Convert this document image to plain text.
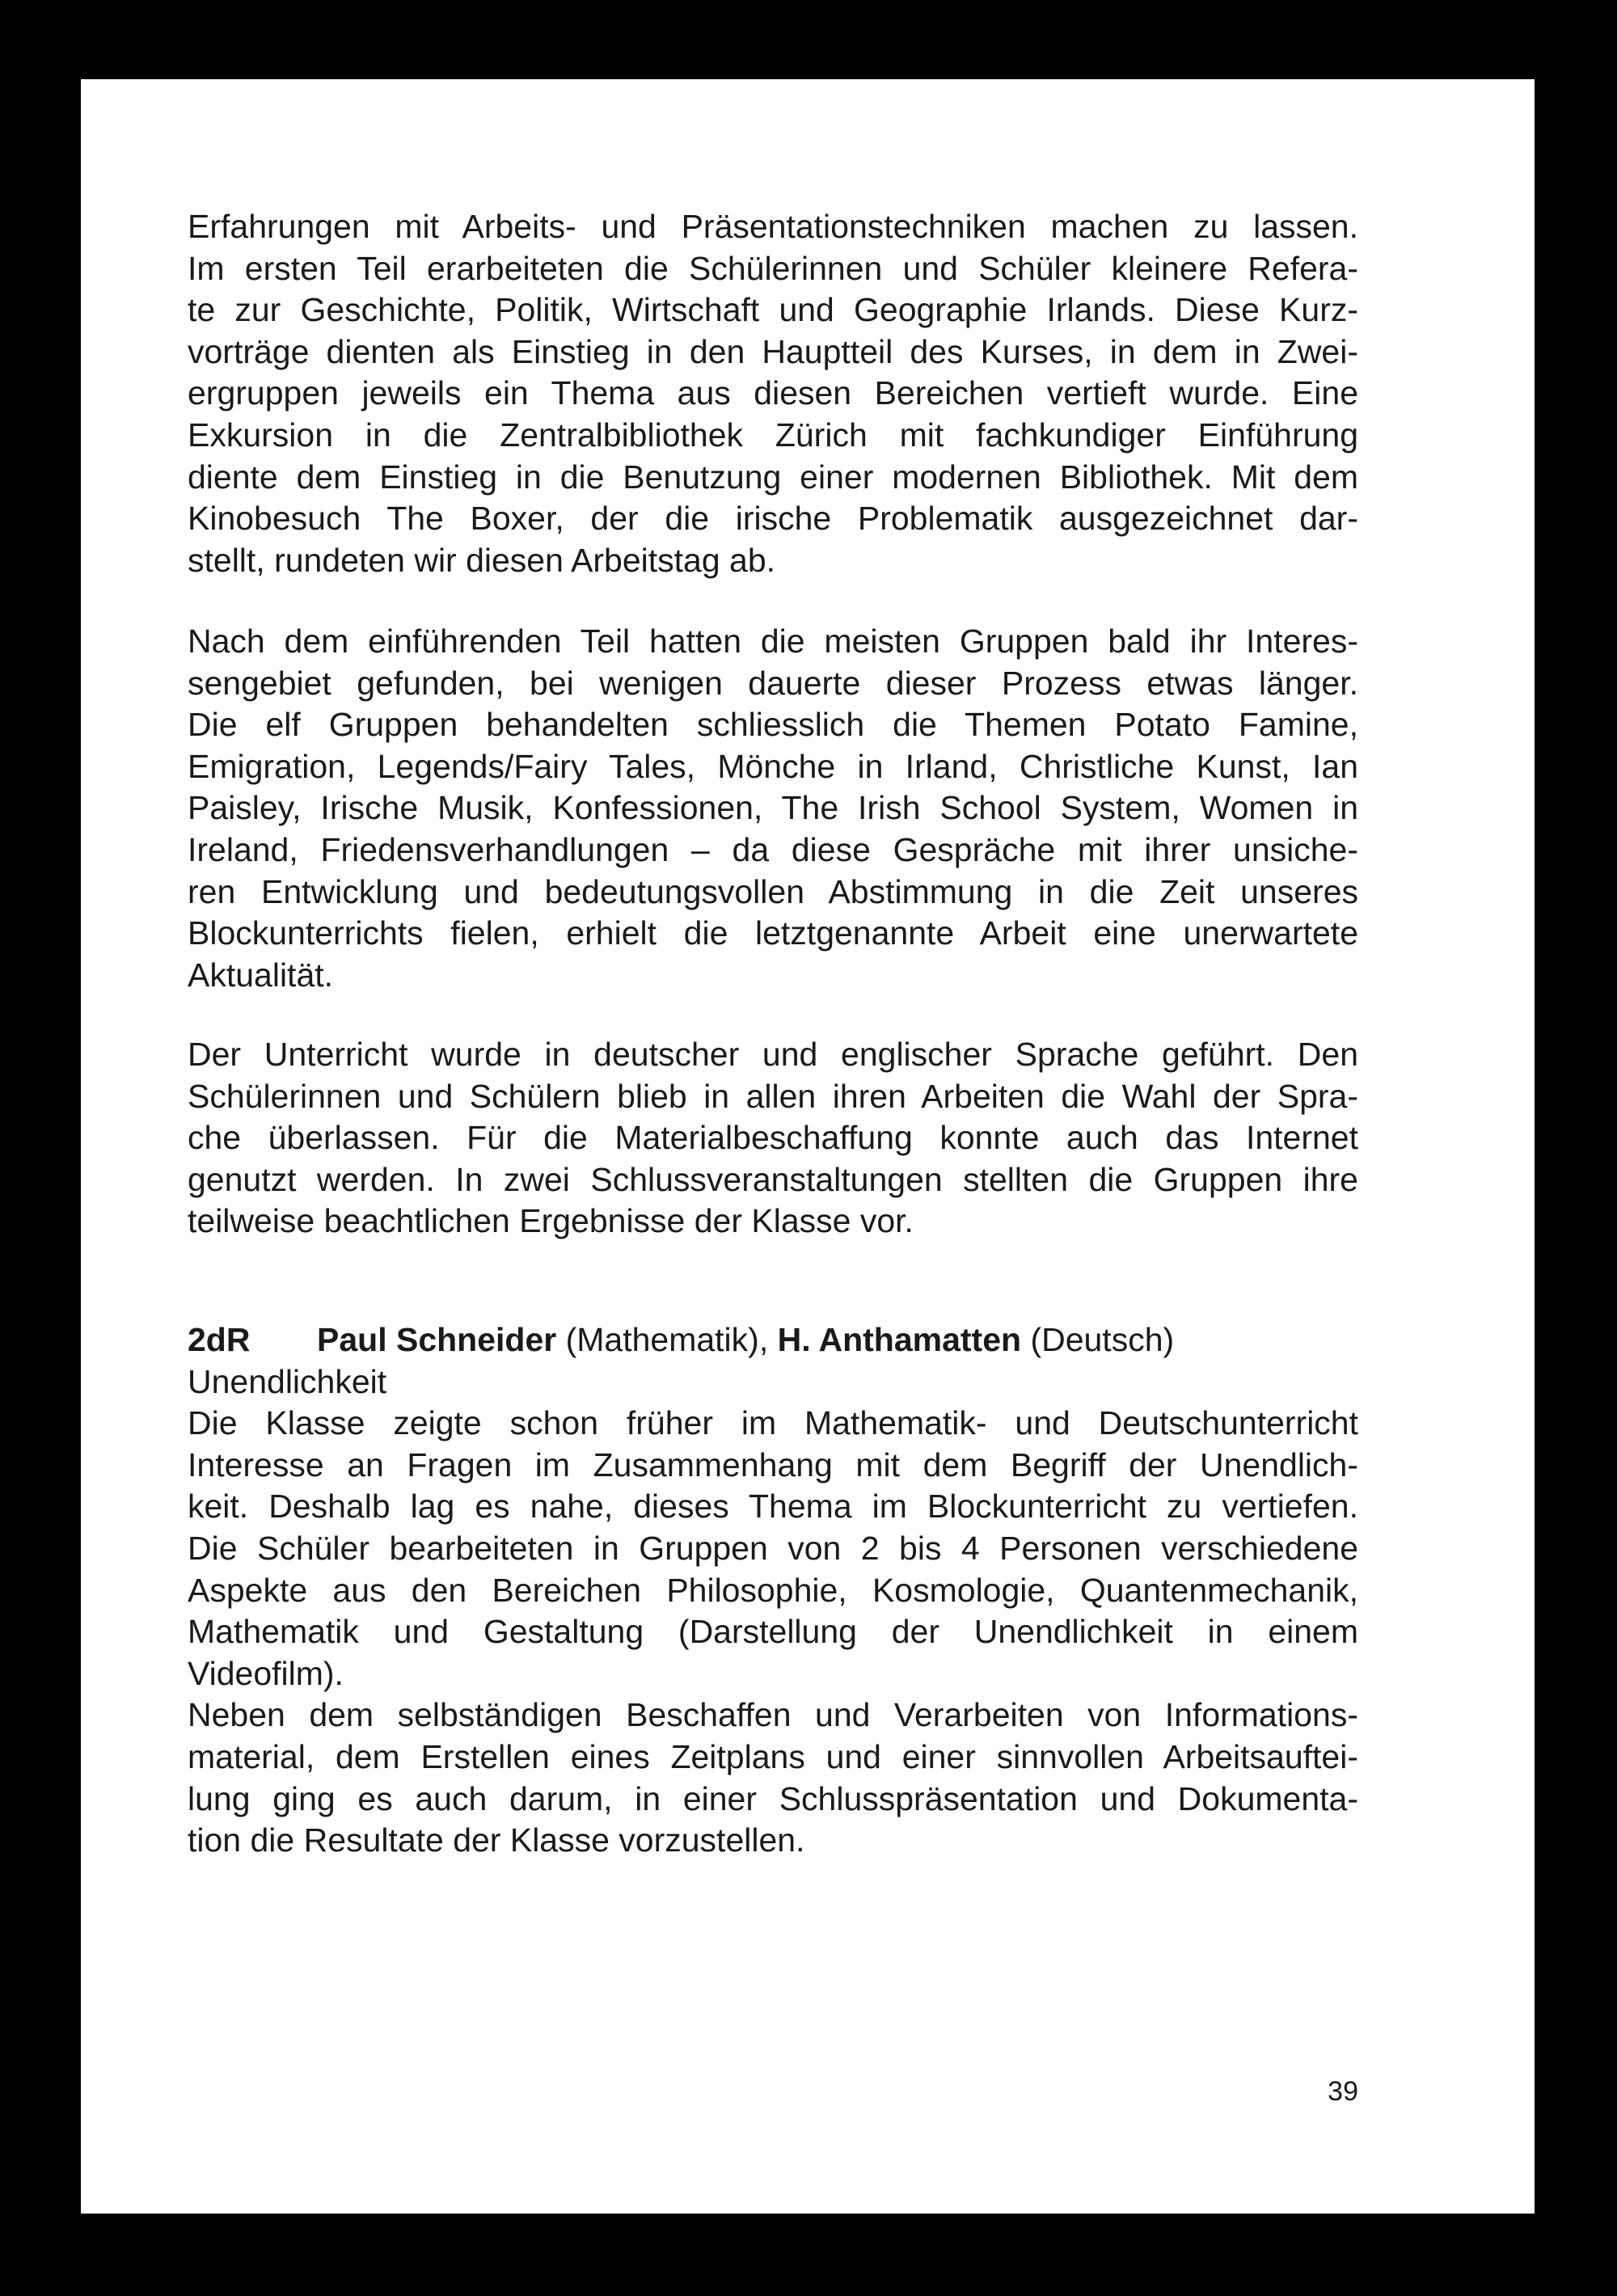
Erfahrungen mit Arbeits- und Präsentationstechniken machen zu lassen.
Im ersten Teil erarbeiteten die Schülerinnen und Schüler kleinere Refera-
te zur Geschichte, Politik, Wirtschaft und Geographie Irlands. Diese Kurz-
vorträge dienten als Einstieg in den Hauptteil des Kurses, in dem in Zwei-
ergruppen jeweils ein Thema aus diesen Bereichen vertieft wurde. Eine
Exkursion in die Zentralbibliothek Zürich mit fachkundiger Einführung
diente dem Einstieg in die Benutzung einer modernen Bibliothek. Mit dem
Kinobesuch The Boxer, der die irische Problematik ausgezeichnet dar-
stellt, rundeten wir diesen Arbeitstag ab.
Nach dem einführenden Teil hatten die meisten Gruppen bald ihr Interes-
sengebiet gefunden, bei wenigen dauerte dieser Prozess etwas länger.
Die elf Gruppen behandelten schliesslich die Themen Potato Famine,
Emigration, Legends/Fairy Tales, Mönche in Irland, Christliche Kunst, Ian
Paisley, Irische Musik, Konfessionen, The Irish School System, Women in
Ireland, Friedensverhandlungen – da diese Gespräche mit ihrer unsiche-
ren Entwicklung und bedeutungsvollen Abstimmung in die Zeit unseres
Blockunterrichts fielen, erhielt die letztgenannte Arbeit eine unerwartete
Aktualität.
Der Unterricht wurde in deutscher und englischer Sprache geführt. Den
Schülerinnen und Schülern blieb in allen ihren Arbeiten die Wahl der Spra-
che überlassen. Für die Materialbeschaffung konnte auch das Internet
genutzt werden. In zwei Schlussveranstaltungen stellten die Gruppen ihre
teilweise beachtlichen Ergebnisse der Klasse vor.
2dR Paul Schneider (Mathematik), H. Anthamatten (Deutsch)
Unendlichkeit
Die Klasse zeigte schon früher im Mathematik- und Deutschunterricht
Interesse an Fragen im Zusammenhang mit dem Begriff der Unendlich-
keit. Deshalb lag es nahe, dieses Thema im Blockunterricht zu vertiefen.
Die Schüler bearbeiteten in Gruppen von 2 bis 4 Personen verschiedene
Aspekte aus den Bereichen Philosophie, Kosmologie, Quantenmechanik,
Mathematik und Gestaltung (Darstellung der Unendlichkeit in einem
Videofilm).
Neben dem selbständigen Beschaffen und Verarbeiten von Informations-
material, dem Erstellen eines Zeitplans und einer sinnvollen Arbeitsauftei-
lung ging es auch darum, in einer Schlusspräsentation und Dokumenta-
tion die Resultate der Klasse vorzustellen.
39
